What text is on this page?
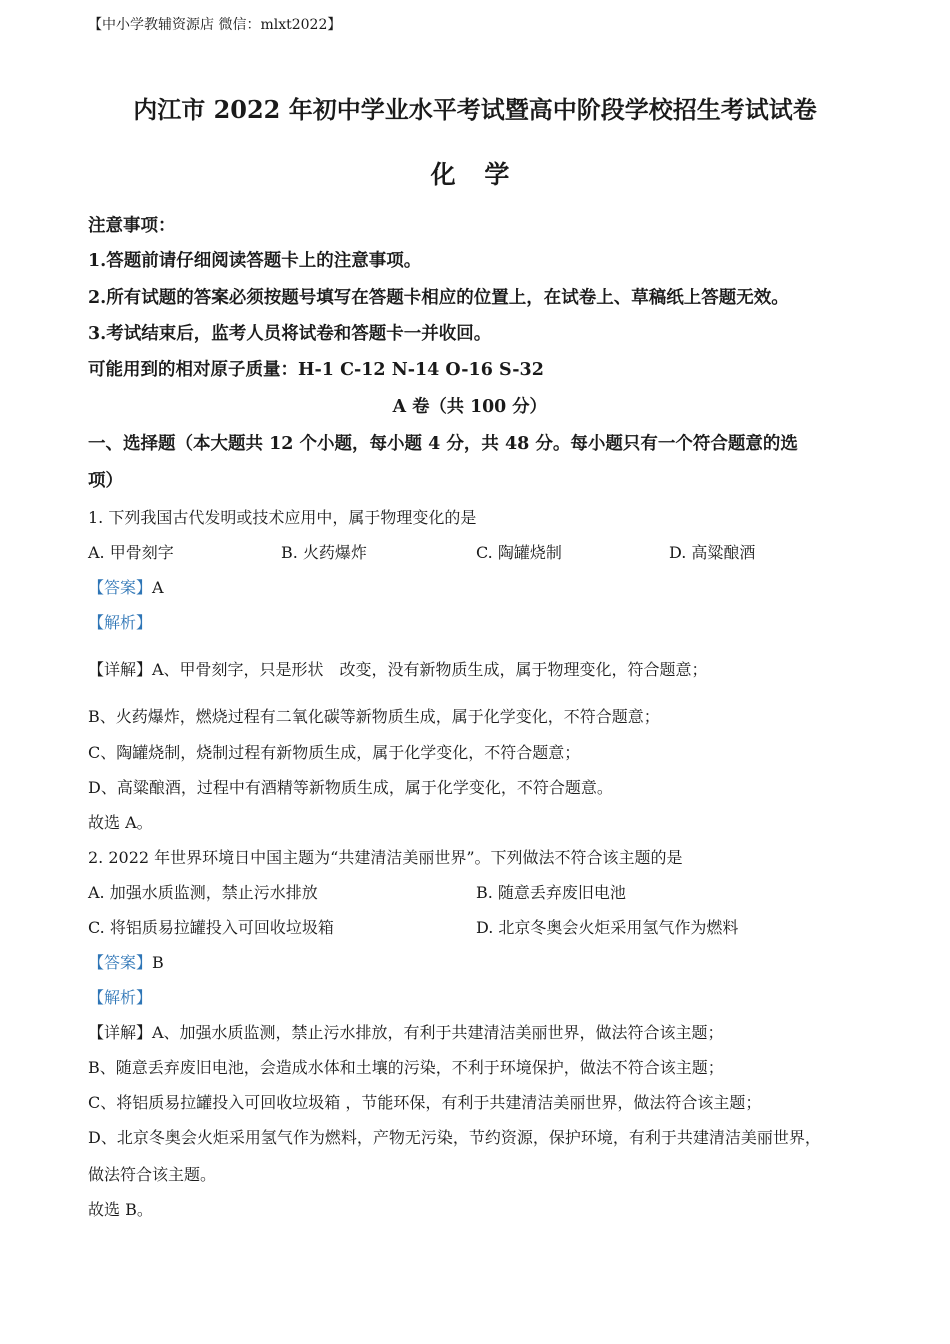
【中小学教辅资源店 微信：mlxt2022】
内江市 2022 年初中学业水平考试暨高中阶段学校招生考试试卷
化 学
注意事项：
1.答题前请仔细阅读答题卡上的注意事项。
2.所有试题的答案必须按题号填写在答题卡相应的位置上，在试卷上、草稿纸上答题无效。
3.考试结束后，监考人员将试卷和答题卡一并收回。
可能用到的相对原子质量：H-1 C-12 N-14 O-16 S-32
A 卷（共 100 分）
一、选择题（本大题共 12 个小题，每小题 4 分，共 48 分。每小题只有一个符合题意的选
项）
1. 下列我国古代发明或技术应用中，属于物理变化的是
A. 甲骨刻字	B. 火药爆炸	C. 陶罐烧制	D. 高粱酿酒
【答案】A
【解析】
【详解】A、甲骨刻字，只是形状　改变，没有新物质生成，属于物理变化，符合题意；
B、火药爆炸，燃烧过程有二氧化碳等新物质生成，属于化学变化，不符合题意；
C、陶罐烧制，烧制过程有新物质生成，属于化学变化，不符合题意；
D、高粱酿酒，过程中有酒精等新物质生成，属于化学变化，不符合题意。
故选 A。
2. 2022 年世界环境日中国主题为“共建清洁美丽世界”。下列做法不符合该主题的是
A. 加强水质监测，禁止污水排放	B. 随意丢弃废旧电池
C. 将铝质易拉罐投入可回收垃圾箱	D. 北京冬奥会火炬采用氢气作为燃料
【答案】B
【解析】
【详解】A、加强水质监测，禁止污水排放，有利于共建清洁美丽世界，做法符合该主题；
B、随意丢弃废旧电池，会造成水体和土壤的污染，不利于环境保护，做法不符合该主题；
C、将铝质易拉罐投入可回收垃圾箱 ，节能环保，有利于共建清洁美丽世界，做法符合该主题；
D、北京冬奥会火炬采用氢气作为燃料，产物无污染，节约资源，保护环境，有利于共建清洁美丽世界，
做法符合该主题。
故选 B。
